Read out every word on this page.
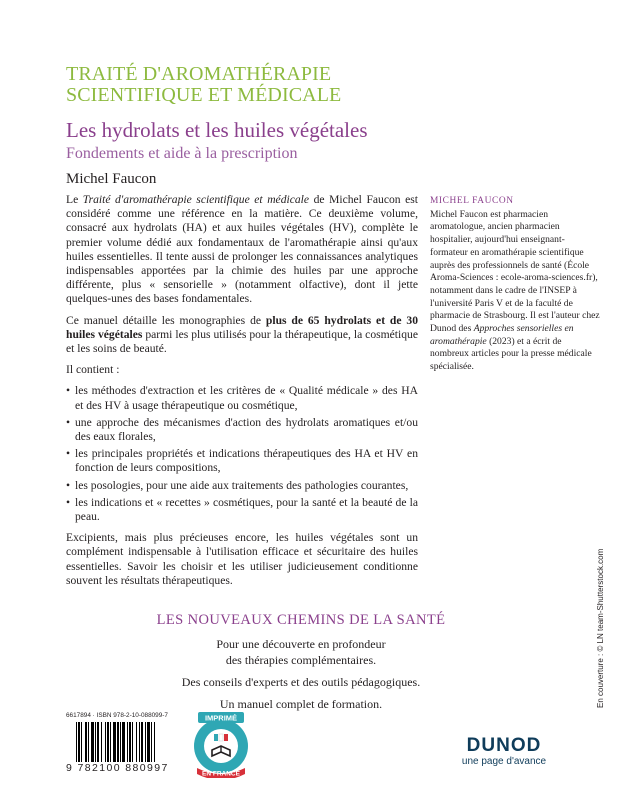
TRAITÉ D'AROMATHÉRAPIE
SCIENTIFIQUE ET MÉDICALE
Les hydrolats et les huiles végétales
Fondements et aide à la prescription
Michel Faucon

Le Traité d'aromathérapie scientifique et médicale de Michel Faucon est considéré comme une référence en la matière. Ce deuxième volume, consacré aux hydrolats (HA) et aux huiles végétales (HV), complète le premier volume dédié aux fondamentaux de l'aromathérapie ainsi qu'aux huiles essentielles. Il tente aussi de prolonger les connaissances analytiques indispensables apportées par la chimie des huiles par une approche différente, plus « sensorielle » (notamment olfactive), dont il jette quelques-unes des bases fondamentales.

Ce manuel détaille les monographies de plus de 65 hydrolats et de 30 huiles végétales parmi les plus utilisés pour la thérapeutique, la cosmétique et les soins de beauté.

Il contient :

• les méthodes d'extraction et les critères de « Qualité médicale » des HA et des HV à usage thérapeutique ou cosmétique,
• une approche des mécanismes d'action des hydrolats aromatiques et/ou des eaux florales,
• les principales propriétés et indications thérapeutiques des HA et HV en fonction de leurs compositions,
• les posologies, pour une aide aux traitements des pathologies courantes,
• les indications et « recettes » cosmétiques, pour la santé et la beauté de la peau.

Excipients, mais plus précieuses encore, les huiles végétales sont un complément indispensable à l'utilisation efficace et sécuritaire des huiles essentielles. Savoir les choisir et les utiliser judicieusement conditionne souvent les résultats thérapeutiques.

MICHEL FAUCON
Michel Faucon est pharmacien aromatologue, ancien pharmacien hospitalier, aujourd'hui enseignant-formateur en aromathérapie scientifique auprès des professionnels de santé (École Aroma-Sciences : ecole-aroma-sciences.fr), notamment dans le cadre de l'INSEP à l'université Paris V et de la faculté de pharmacie de Strasbourg. Il est l'auteur chez Dunod des Approches sensorielles en aromathérapie (2023) et a écrit de nombreux articles pour la presse médicale spécialisée.
LES NOUVEAUX CHEMINS DE LA SANTÉ
Pour une découverte en profondeur
des thérapies complémentaires.
Des conseils d'experts et des outils pédagogiques.
Un manuel complet de formation.	En couverture : © LN team-Shutterstock.com
6617894 · ISBN 978-2-10-088099-7
9 782100 880997
IMPRIMÉ
EN FRANCE
DUNOD
une page d'avance
